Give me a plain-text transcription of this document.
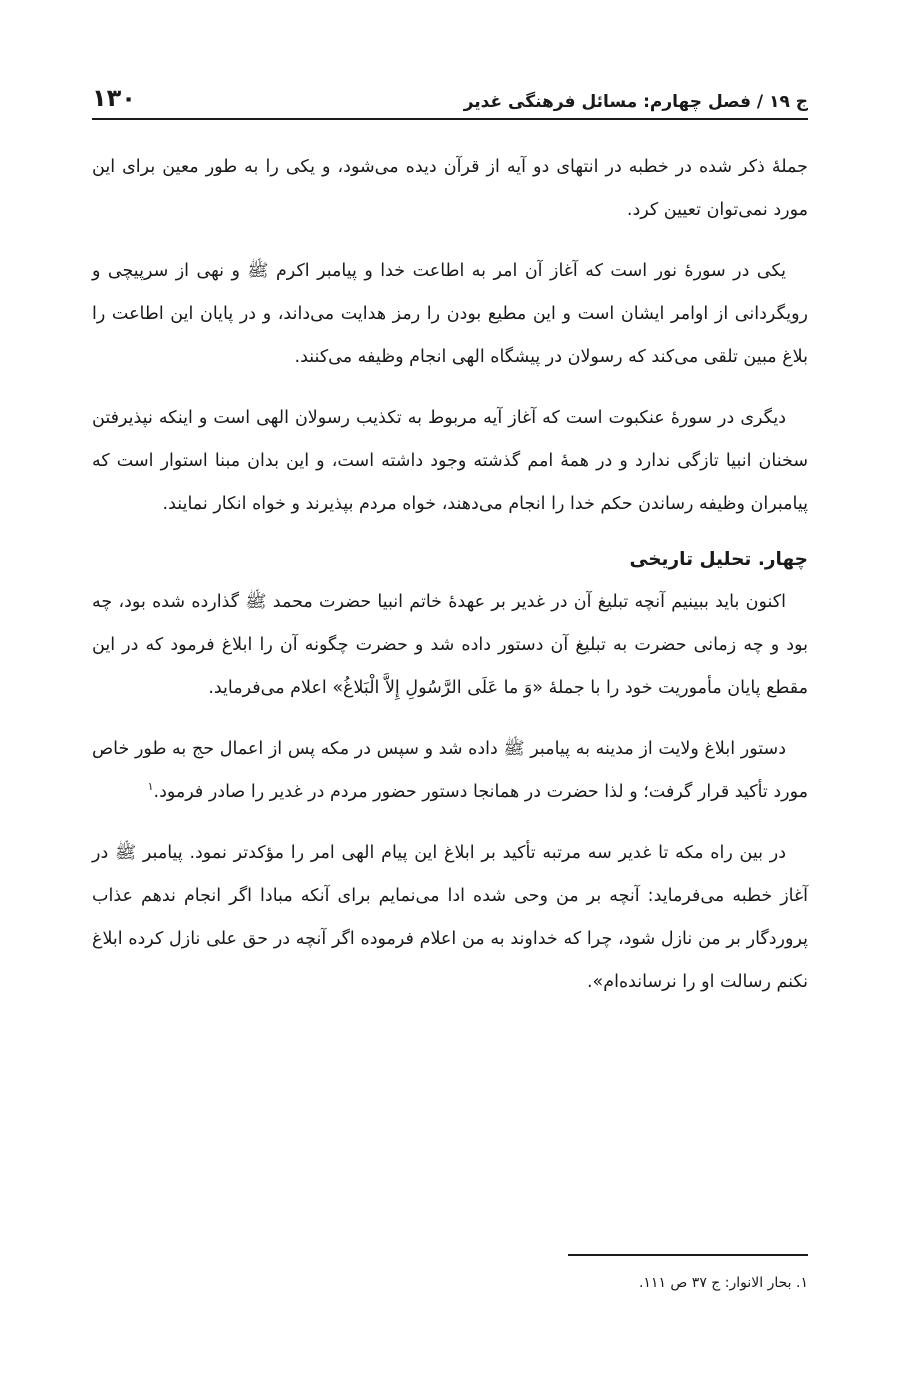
ج ۱۹ / فصل چهارم: مسائل فرهنگی غدیر
۱۳۰

جملهٔ ذکر شده در خطبه در انتهای دو آیه از قرآن دیده می‌شود، و یکی را به طور معین برای این مورد نمی‌توان تعیین کرد.

یکی در سورهٔ نور است که آغاز آن امر به اطاعت خدا و پیامبر اکرم ﷺ و نهی از سرپیچی و رویگردانی از اوامر ایشان است و این مطیع بودن را رمز هدایت می‌داند، و در پایان این اطاعت را بلاغ مبین تلقی می‌کند که رسولان در پیشگاه الهی انجام وظیفه می‌کنند.

دیگری در سورهٔ عنکبوت است که آغاز آیه مربوط به تکذیب رسولان الهی است و اینکه نپذیرفتن سخنان انبیا تازگی ندارد و در همهٔ امم گذشته وجود داشته است، و این بدان مبنا استوار است که پیامبران وظیفه رساندن حکم خدا را انجام می‌دهند، خواه مردم بپذیرند و خواه انکار نمایند.

چهار. تحلیل تاریخی

اکنون باید ببینیم آنچه تبلیغ آن در غدیر بر عهدهٔ خاتم انبیا حضرت محمد ﷺ گذارده شده بود، چه بود و چه زمانی حضرت به تبلیغ آن دستور داده شد و حضرت چگونه آن را ابلاغ فرمود که در این مقطع پایان مأموریت خود را با جملهٔ «وَ ما عَلَی الرَّسُولِ إِلاَّ الْبَلاغُ» اعلام می‌فرماید.

دستور ابلاغ ولایت از مدینه به پیامبر ﷺ داده شد و سپس در مکه پس از اعمال حج به طور خاص مورد تأکید قرار گرفت؛ و لذا حضرت در همانجا دستور حضور مردم در غدیر را صادر فرمود.$^۱$

در بین راه مکه تا غدیر سه مرتبه تأکید بر ابلاغ این پیام الهی امر را مؤکدتر نمود. پیامبر ﷺ در آغاز خطبه می‌فرماید: آنچه بر من وحی شده ادا می‌نمایم برای آنکه مبادا اگر انجام ندهم عذاب پروردگار بر من نازل شود، چرا که خداوند به من اعلام فرموده اگر آنچه در حق علی نازل کرده ابلاغ نکنم رسالت او را نرسانده‌ام».

۱. بحار الانوار: ج ۳۷ ص ۱۱۱.
